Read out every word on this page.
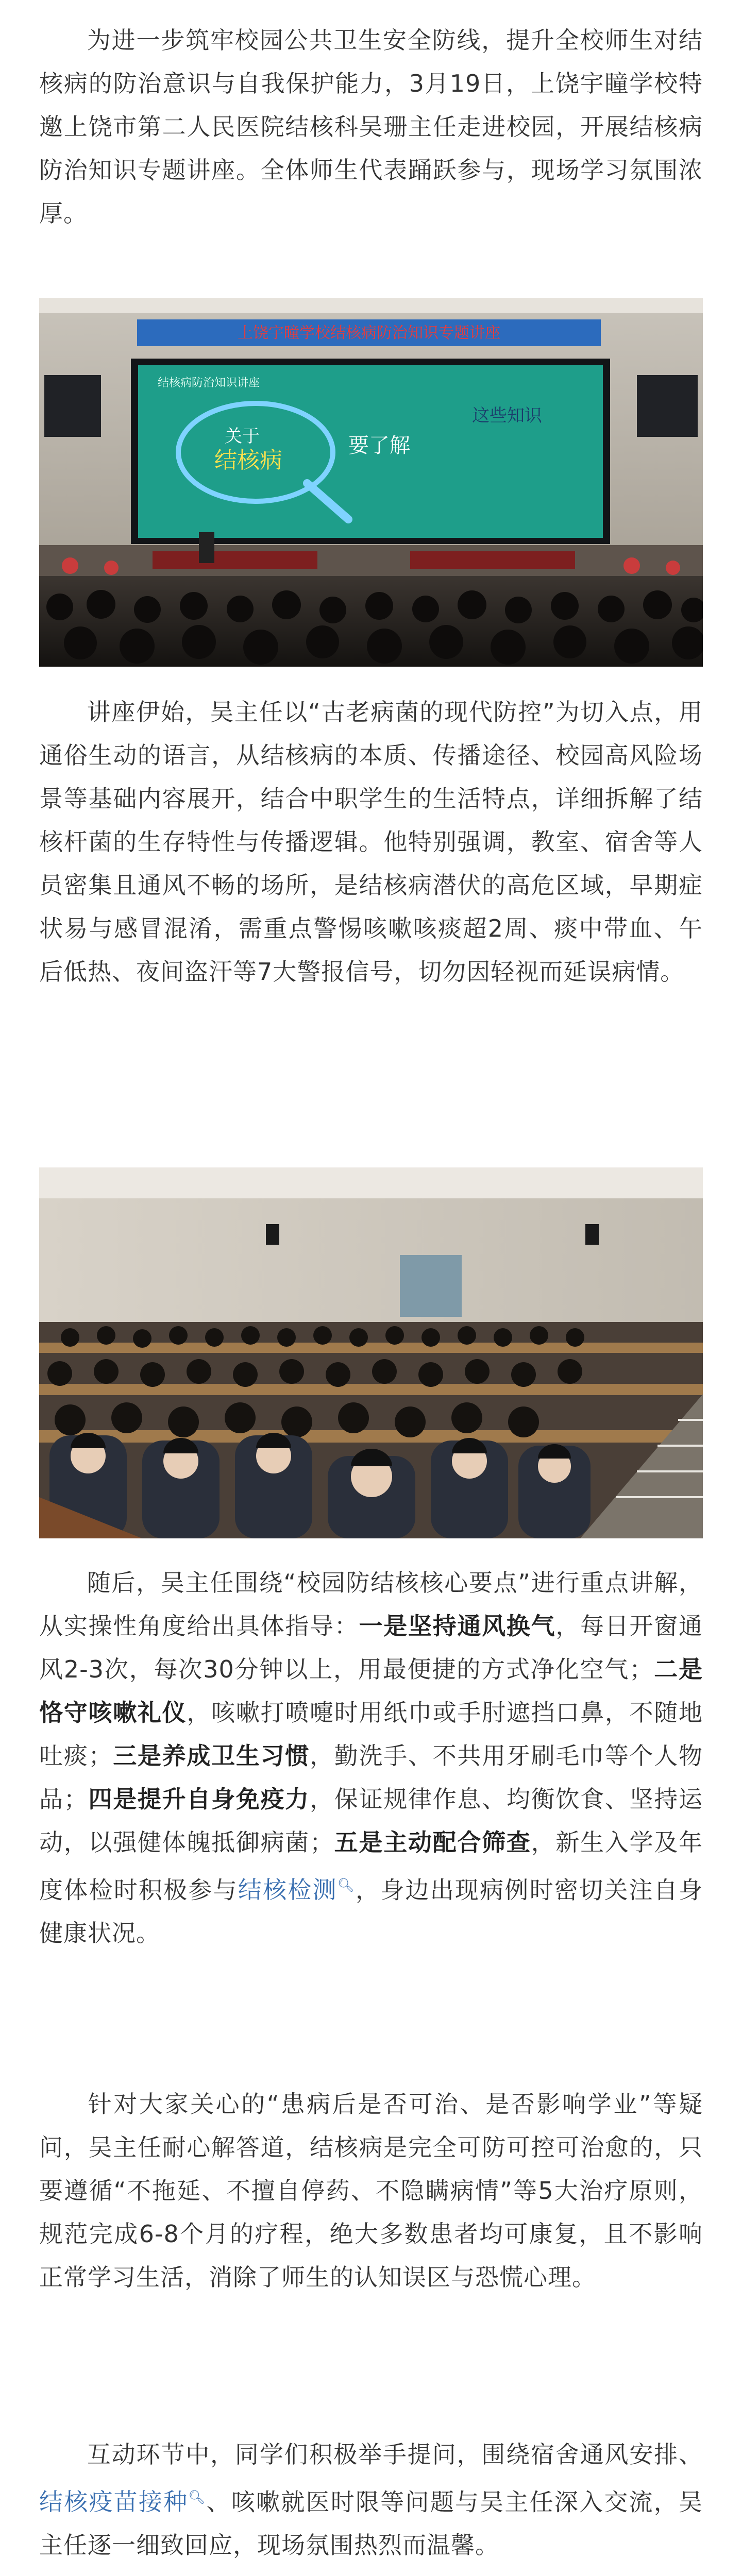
为进一步筑牢校园公共卫生安全防线，提升全校师生对结核病的防治意识与自我保护能力，3月19日，上饶宇瞳学校特邀上饶市第二人民医院结核科吴珊主任走进校园，开展结核病防治知识专题讲座。全体师生代表踊跃参与，现场学习氛围浓厚。

上饶宇瞳学校结核病防治知识专题讲座
结核病防治知识讲座
关于
结核病
要了解
这些知识

讲座伊始，吴主任以“古老病菌的现代防控”为切入点，用通俗生动的语言，从结核病的本质、传播途径、校园高风险场景等基础内容展开，结合中职学生的生活特点，详细拆解了结核杆菌的生存特性与传播逻辑。他特别强调，教室、宿舍等人员密集且通风不畅的场所，是结核病潜伏的高危区域，早期症状易与感冒混淆，需重点警惕咳嗽咳痰超2周、痰中带血、午后低热、夜间盗汗等7大警报信号，切勿因轻视而延误病情。

随后，吴主任围绕“校园防结核核心要点”进行重点讲解，从实操性角度给出具体指导：一是坚持通风换气，每日开窗通风2-3次，每次30分钟以上，用最便捷的方式净化空气；二是恪守咳嗽礼仪，咳嗽打喷嚏时用纸巾或手肘遮挡口鼻，不随地吐痰；三是养成卫生习惯，勤洗手、不共用牙刷毛巾等个人物品；四是提升自身免疫力，保证规律作息、均衡饮食、坚持运动，以强健体魄抵御病菌；五是主动配合筛查，新生入学及年度体检时积极参与结核检测🔍︎，身边出现病例时密切关注自身健康状况。

针对大家关心的“患病后是否可治、是否影响学业”等疑问，吴主任耐心解答道，结核病是完全可防可控可治愈的，只要遵循“不拖延、不擅自停药、不隐瞒病情”等5大治疗原则，规范完成6-8个月的疗程，绝大多数患者均可康复，且不影响正常学习生活，消除了师生的认知误区与恐慌心理。

互动环节中，同学们积极举手提问，围绕宿舍通风安排、结核疫苗接种🔍︎、咳嗽就医时限等问题与吴主任深入交流，吴主任逐一细致回应，现场氛围热烈而温馨。
